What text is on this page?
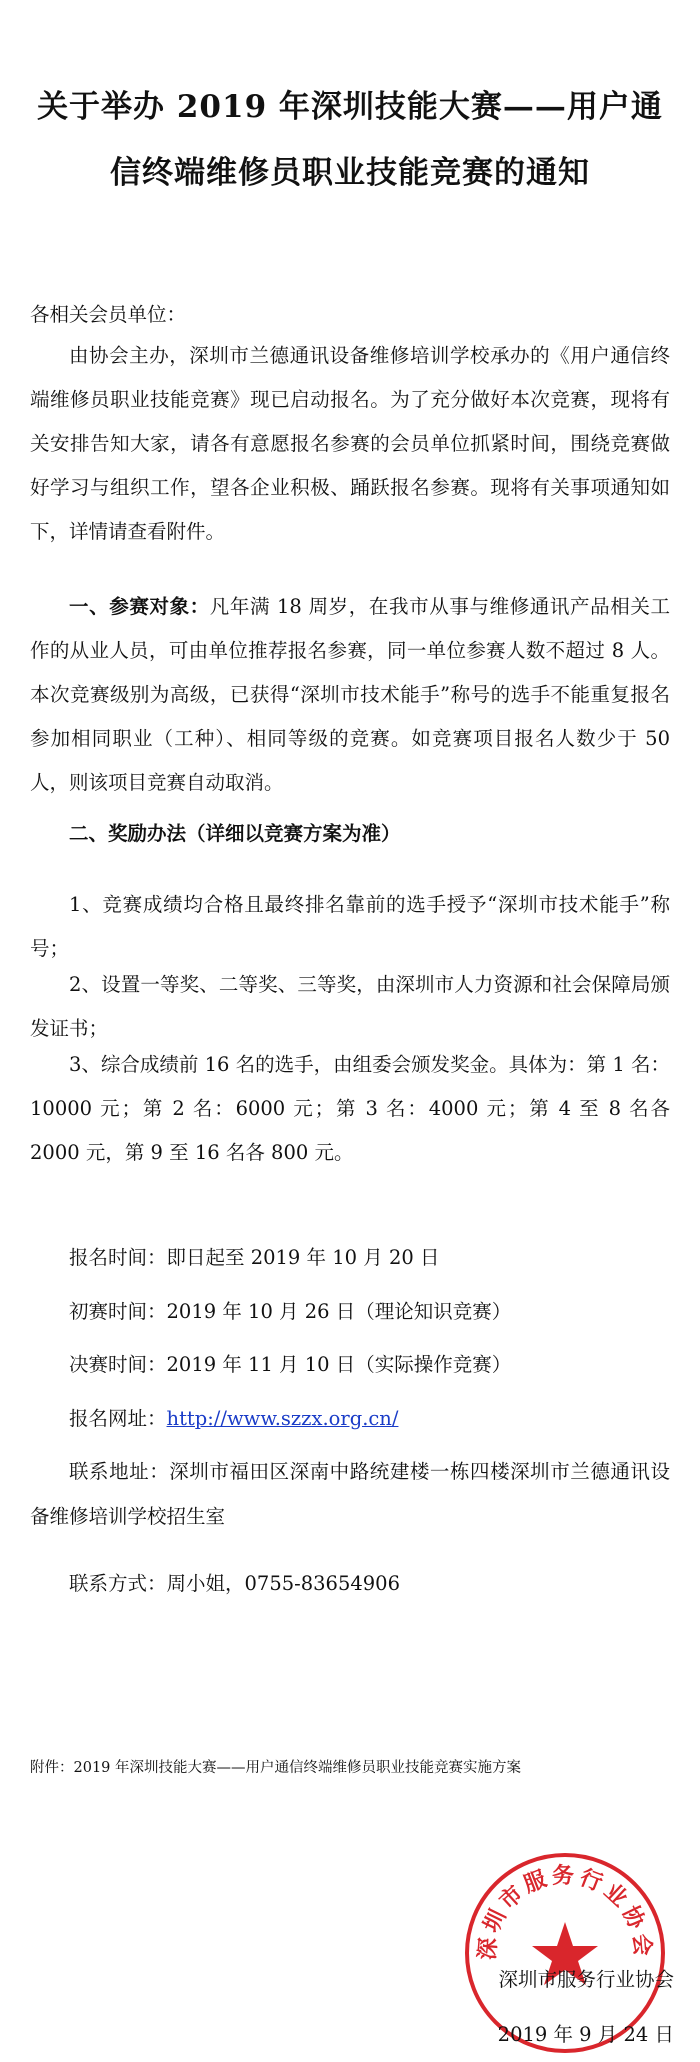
关于举办 2019 年深圳技能大赛——用户通
信终端维修员职业技能竞赛的通知
各相关会员单位：
由协会主办，深圳市兰德通讯设备维修培训学校承办的《用户通信终端维修员职业技能竞赛》现已启动报名。为了充分做好本次竞赛，现将有关安排告知大家，请各有意愿报名参赛的会员单位抓紧时间，围绕竞赛做好学习与组织工作，望各企业积极、踊跃报名参赛。现将有关事项通知如下，详情请查看附件。
一、参赛对象：凡年满 18 周岁，在我市从事与维修通讯产品相关工作的从业人员，可由单位推荐报名参赛，同一单位参赛人数不超过 8 人。本次竞赛级别为高级，已获得“深圳市技术能手”称号的选手不能重复报名参加相同职业（工种）、相同等级的竞赛。如竞赛项目报名人数少于 50 人，则该项目竞赛自动取消。
二、奖励办法（详细以竞赛方案为准）
1、竞赛成绩均合格且最终排名靠前的选手授予“深圳市技术能手”称号；
2、设置一等奖、二等奖、三等奖，由深圳市人力资源和社会保障局颁发证书；
3、综合成绩前 16 名的选手，由组委会颁发奖金。具体为：第 1 名：10000 元；第 2 名：6000 元；第 3 名：4000 元；第 4 至 8 名各 2000 元，第 9 至 16 名各 800 元。
报名时间：即日起至 2019 年 10 月 20 日
初赛时间：2019 年 10 月 26 日（理论知识竞赛）
决赛时间：2019 年 11 月 10 日（实际操作竞赛）
报名网址：http://www.szzx.org.cn/
联系地址：深圳市福田区深南中路统建楼一栋四楼深圳市兰德通讯设备维修培训学校招生室
联系方式：周小姐，0755-83654906
附件：2019 年深圳技能大赛——用户通信终端维修员职业技能竞赛实施方案
深圳市服务行业协会
深圳市服务行业协会
2019 年 9 月 24 日
